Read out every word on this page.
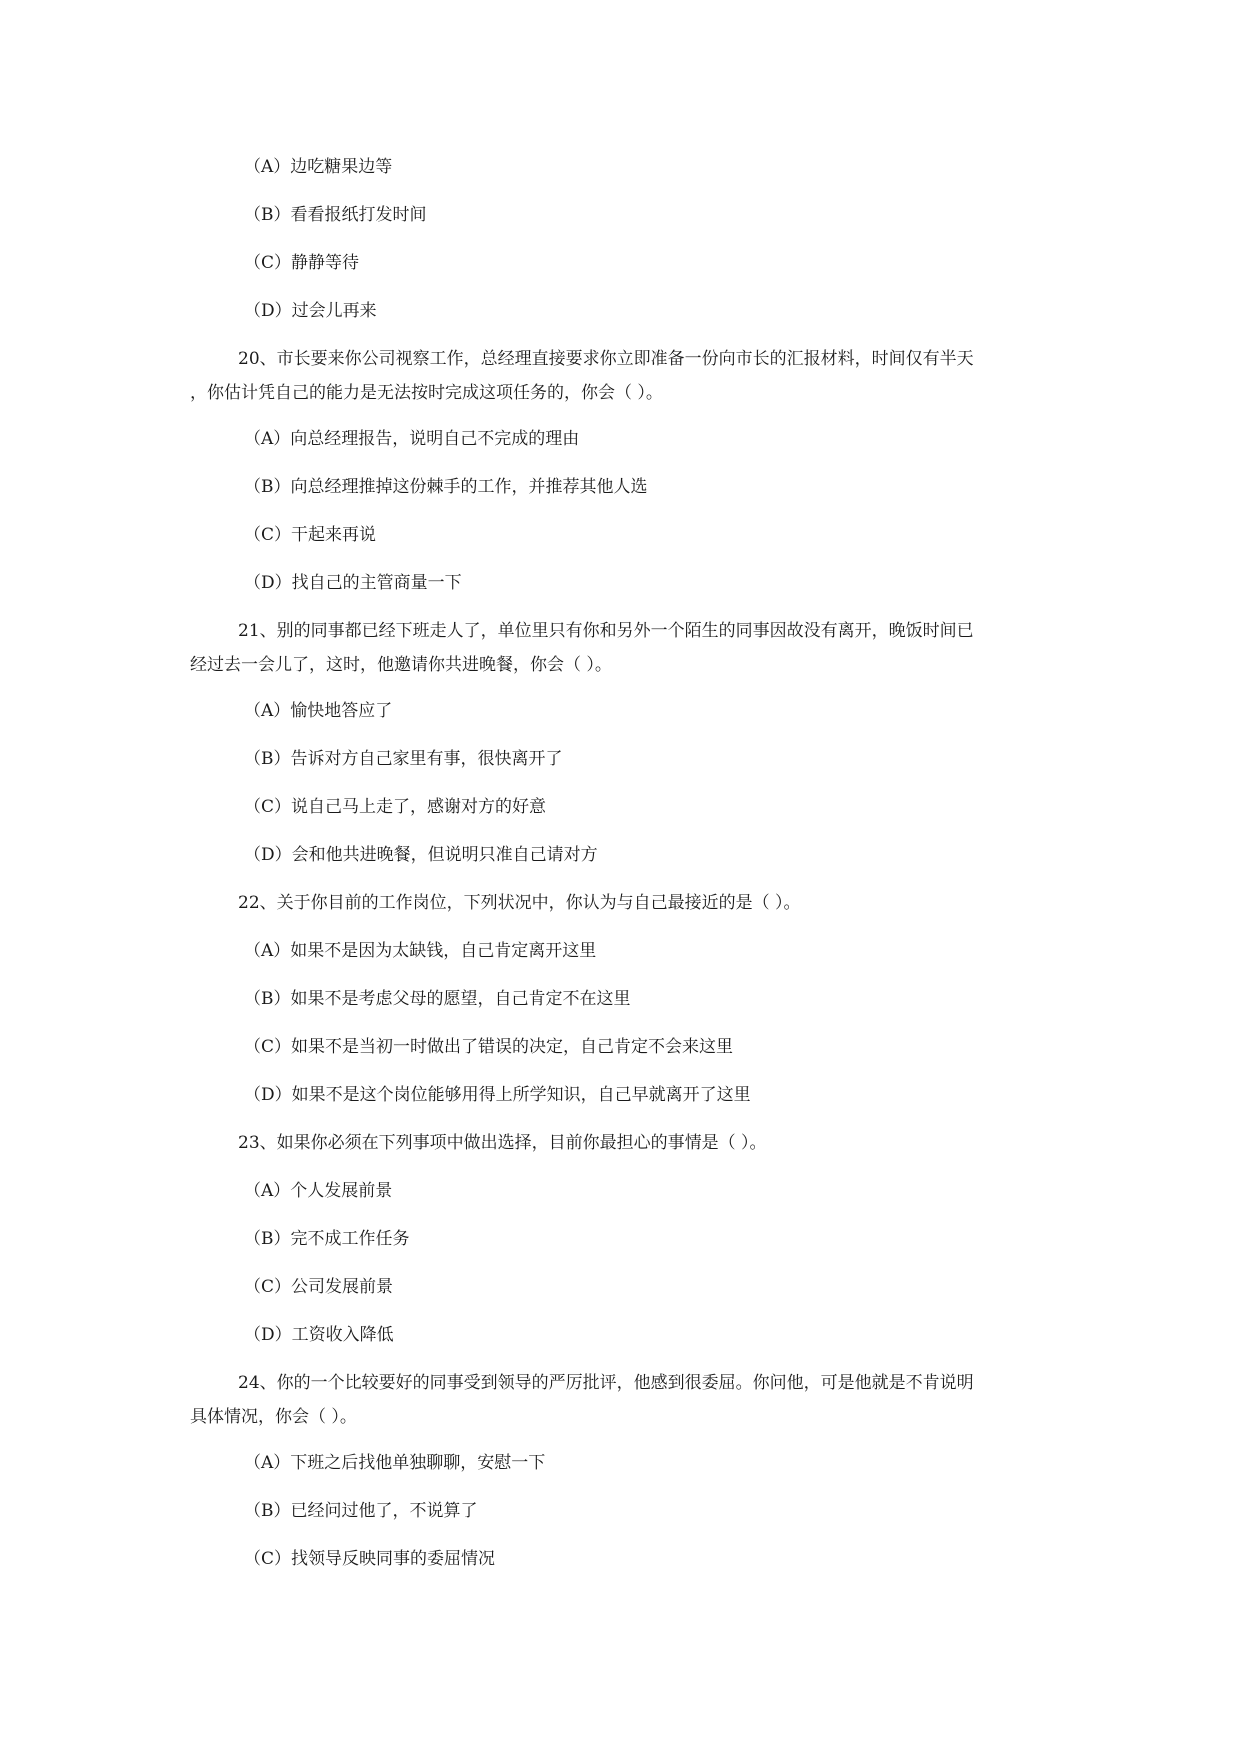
（A）边吃糖果边等
（B）看看报纸打发时间
（C）静静等待
（D）过会儿再来
20、市长要来你公司视察工作，总经理直接要求你立即准备一份向市长的汇报材料，时间仅有半天
，你估计凭自己的能力是无法按时完成这项任务的，你会（ ）。
（A）向总经理报告，说明自己不完成的理由
（B）向总经理推掉这份棘手的工作，并推荐其他人选
（C）干起来再说
（D）找自己的主管商量一下
21、别的同事都已经下班走人了，单位里只有你和另外一个陌生的同事因故没有离开，晚饭时间已
经过去一会儿了，这时，他邀请你共进晚餐，你会（ ）。
（A）愉快地答应了
（B）告诉对方自己家里有事，很快离开了
（C）说自己马上走了，感谢对方的好意
（D）会和他共进晚餐，但说明只准自己请对方
22、关于你目前的工作岗位，下列状况中，你认为与自己最接近的是（ ）。
（A）如果不是因为太缺钱，自己肯定离开这里
（B）如果不是考虑父母的愿望，自己肯定不在这里
（C）如果不是当初一时做出了错误的决定，自己肯定不会来这里
（D）如果不是这个岗位能够用得上所学知识，自己早就离开了这里
23、如果你必须在下列事项中做出选择，目前你最担心的事情是（ ）。
（A）个人发展前景
（B）完不成工作任务
（C）公司发展前景
（D）工资收入降低
24、你的一个比较要好的同事受到领导的严厉批评，他感到很委屈。你问他，可是他就是不肯说明
具体情况，你会（ ）。
（A）下班之后找他单独聊聊，安慰一下
（B）已经问过他了，不说算了
（C）找领导反映同事的委屈情况
